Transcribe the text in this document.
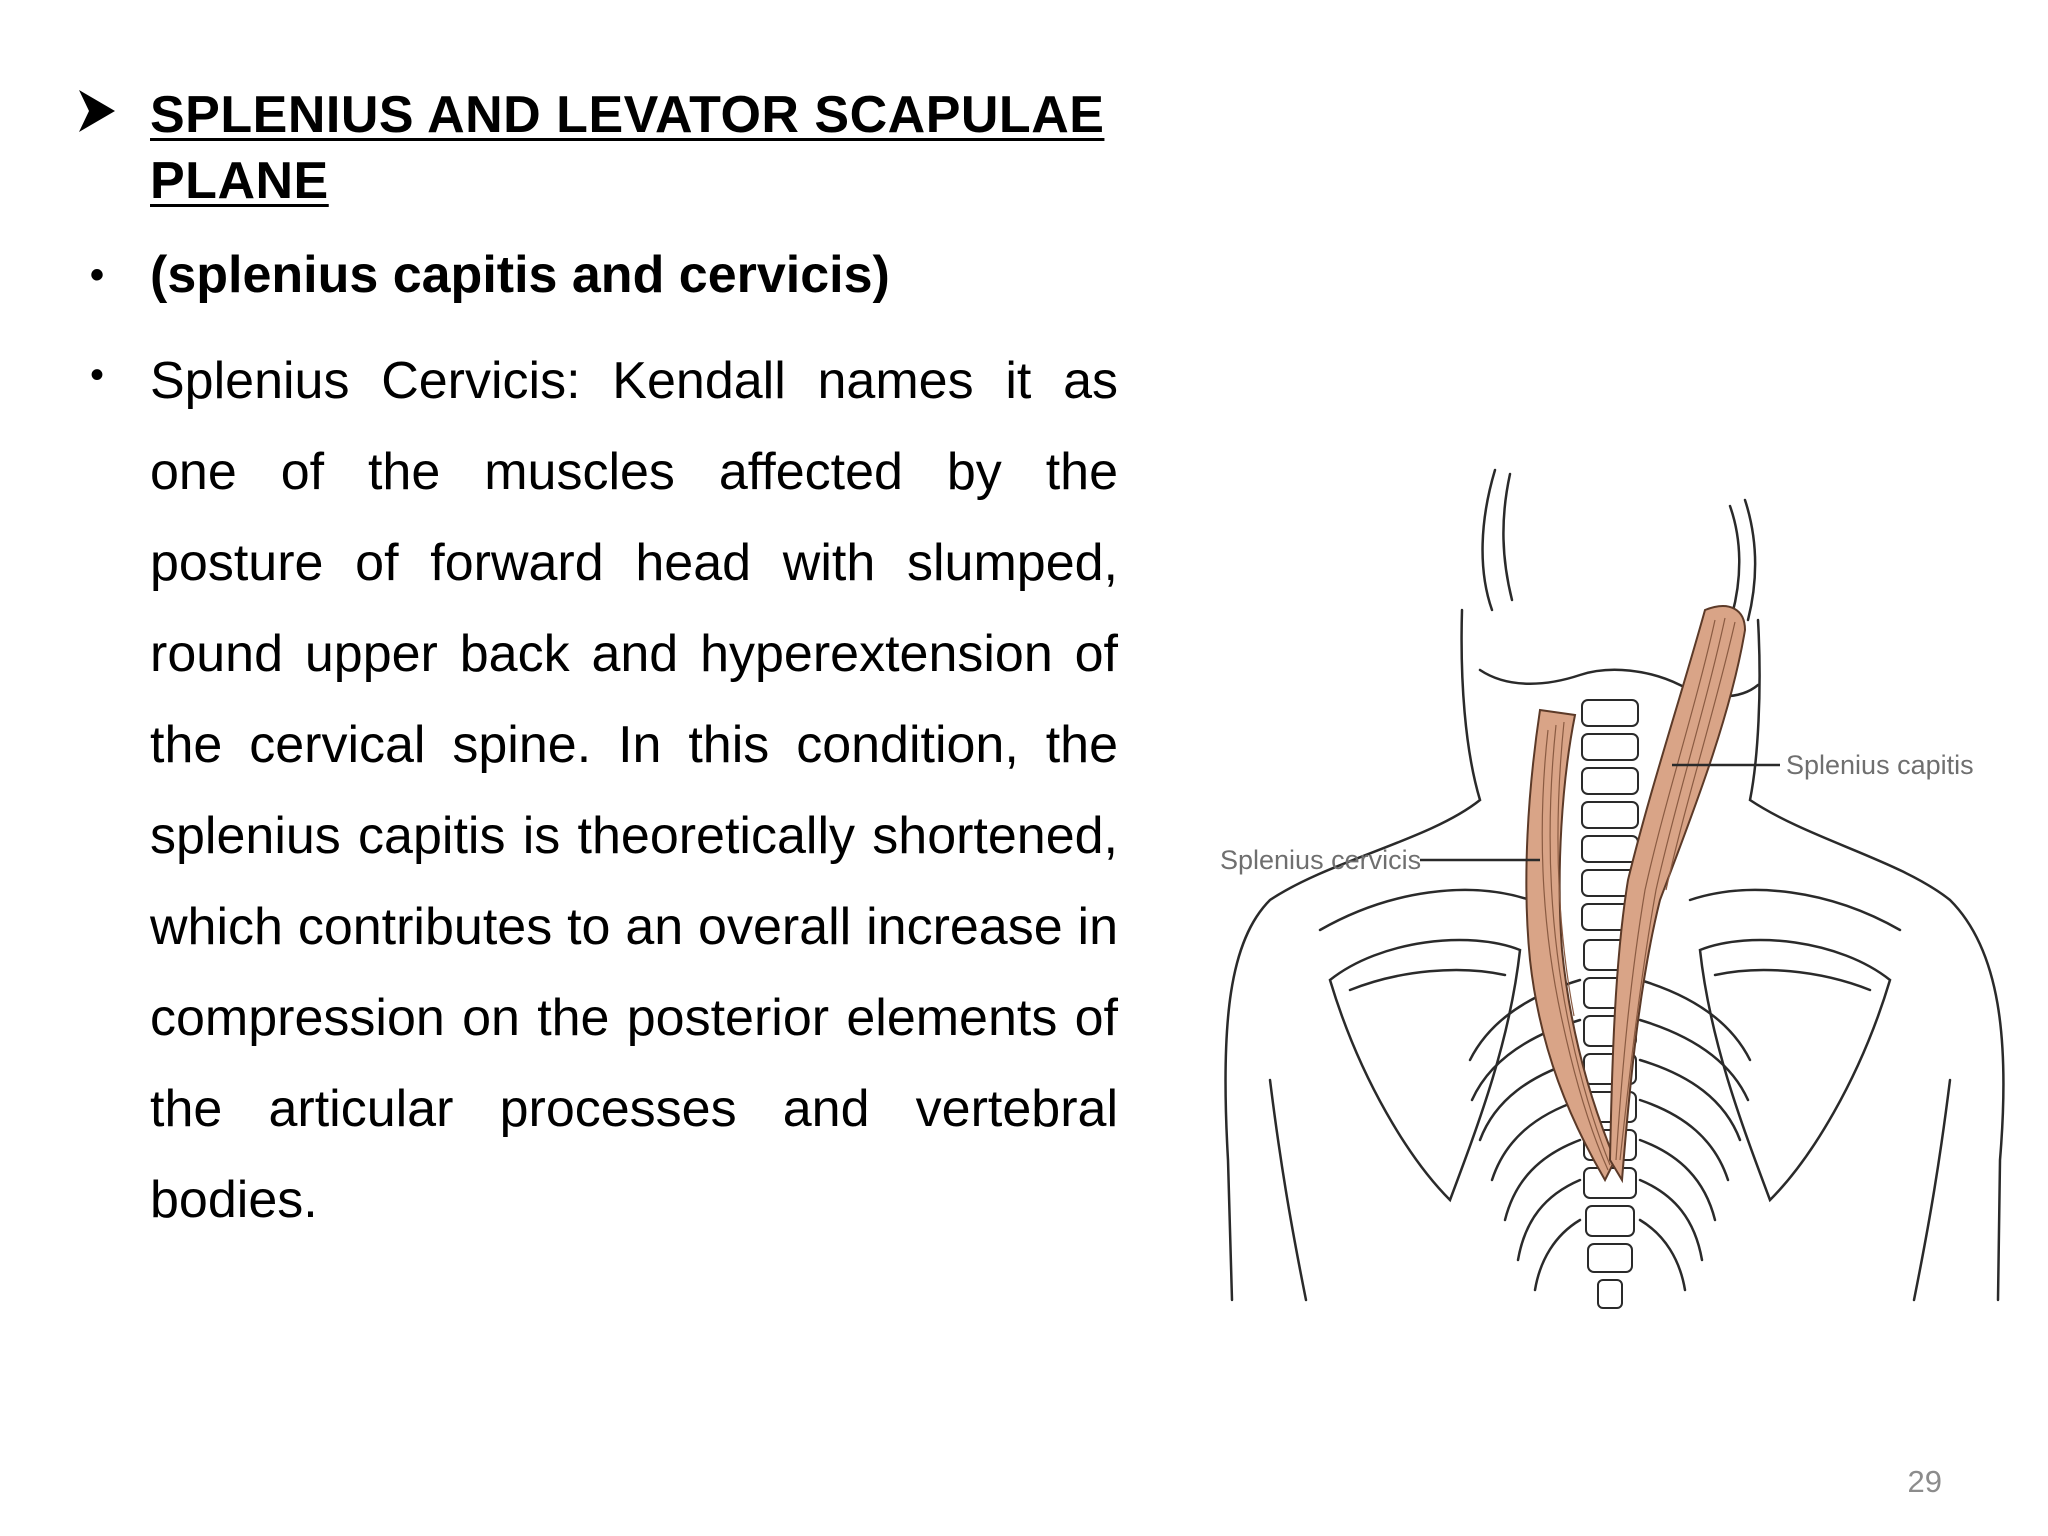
SPLENIUS AND LEVATOR SCAPULAE PLANE
• (splenius capitis and cervicis)
• Splenius Cervicis: Kendall names it as one of the muscles affected by the posture of forward head with slumped, round upper back and hyperextension of the cervical spine. In this condition, the splenius capitis is theoretically shortened, which contributes to an overall increase in compression on the posterior elements of the articular processes and vertebral bodies.
Splenius capitis
Splenius cervicis
29
